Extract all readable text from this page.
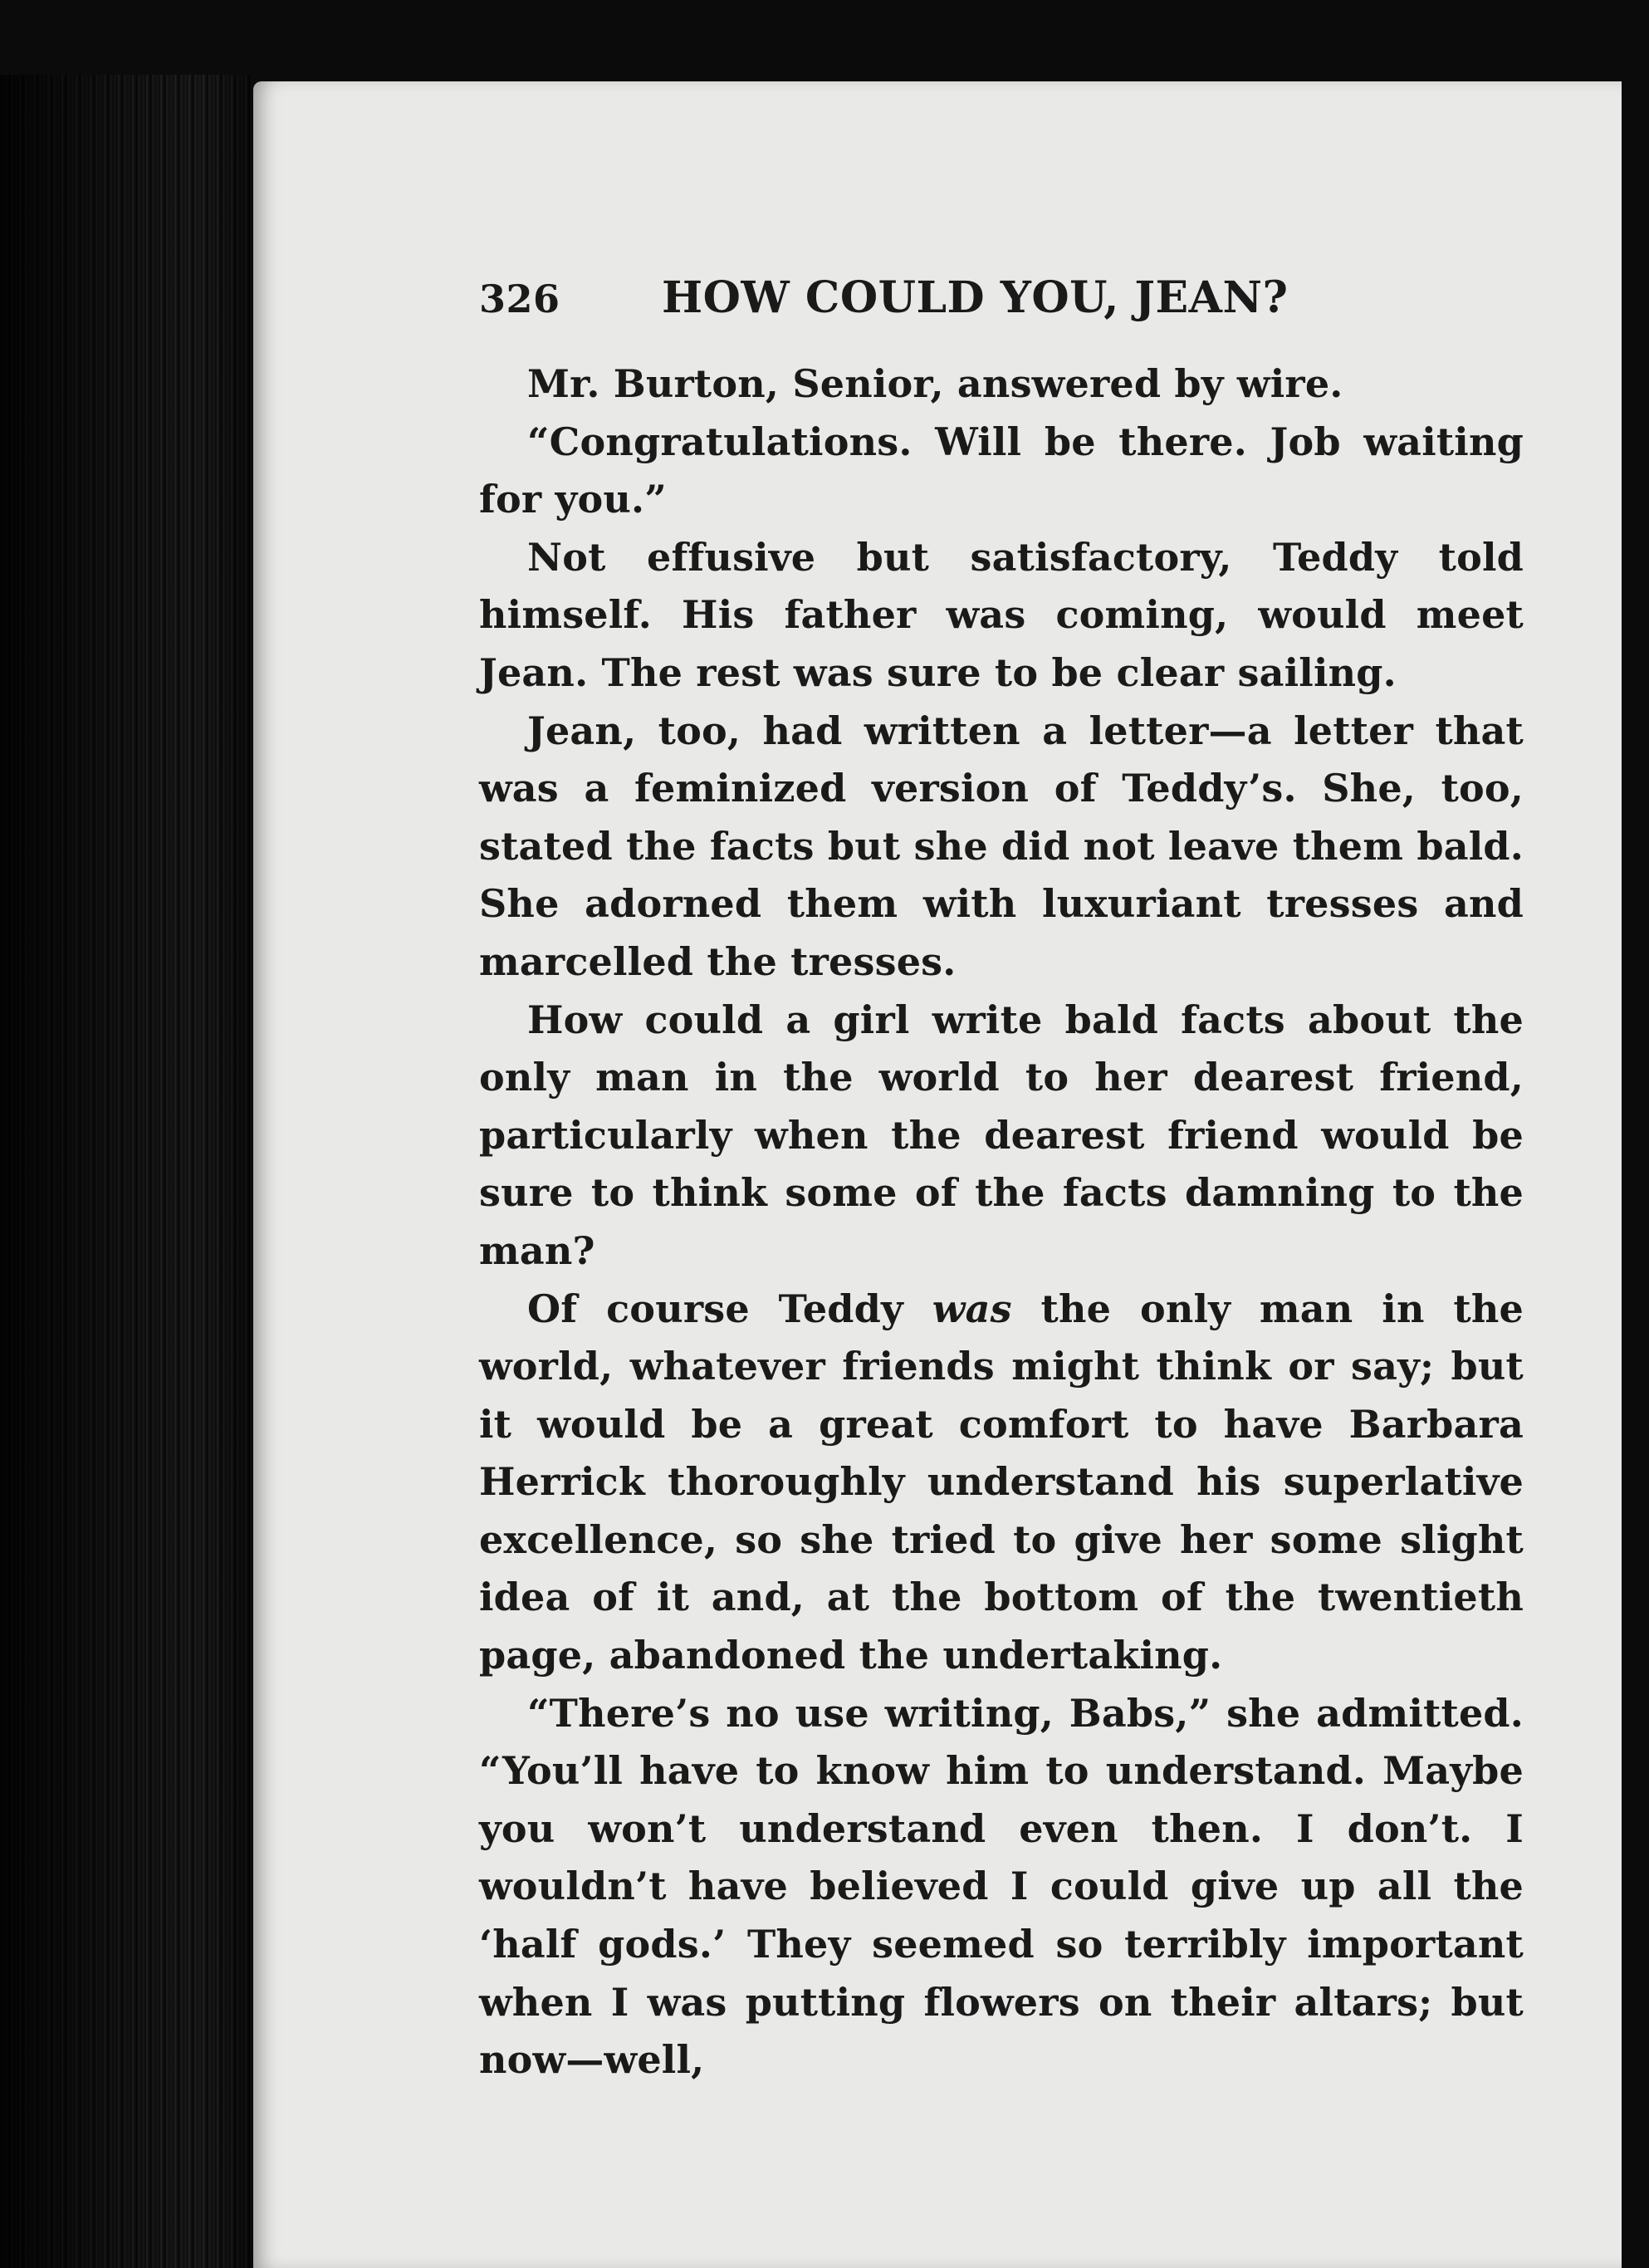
326	HOW COULD YOU, JEAN?

Mr. Burton, Senior, answered by wire.

“Congratulations. Will be there. Job waiting for you.”

Not effusive but satisfactory, Teddy told himself. His father was coming, would meet Jean. The rest was sure to be clear sailing.

Jean, too, had written a letter—a letter that was a feminized version of Teddy’s. She, too, stated the facts but she did not leave them bald. She adorned them with luxuriant tresses and marcelled the tresses.

How could a girl write bald facts about the only man in the world to her dearest friend, particularly when the dearest friend would be sure to think some of the facts damning to the man?

Of course Teddy was the only man in the world, whatever friends might think or say; but it would be a great comfort to have Barbara Herrick thoroughly understand his superlative excellence, so she tried to give her some slight idea of it and, at the bottom of the twentieth page, abandoned the undertaking.

“There’s no use writing, Babs,” she admitted. “You’ll have to know him to understand. Maybe you won’t understand even then. I don’t. I wouldn’t have believed I could give up all the ‘half gods.’ They seemed so terribly important when I was putting flowers on their altars; but now—well,
